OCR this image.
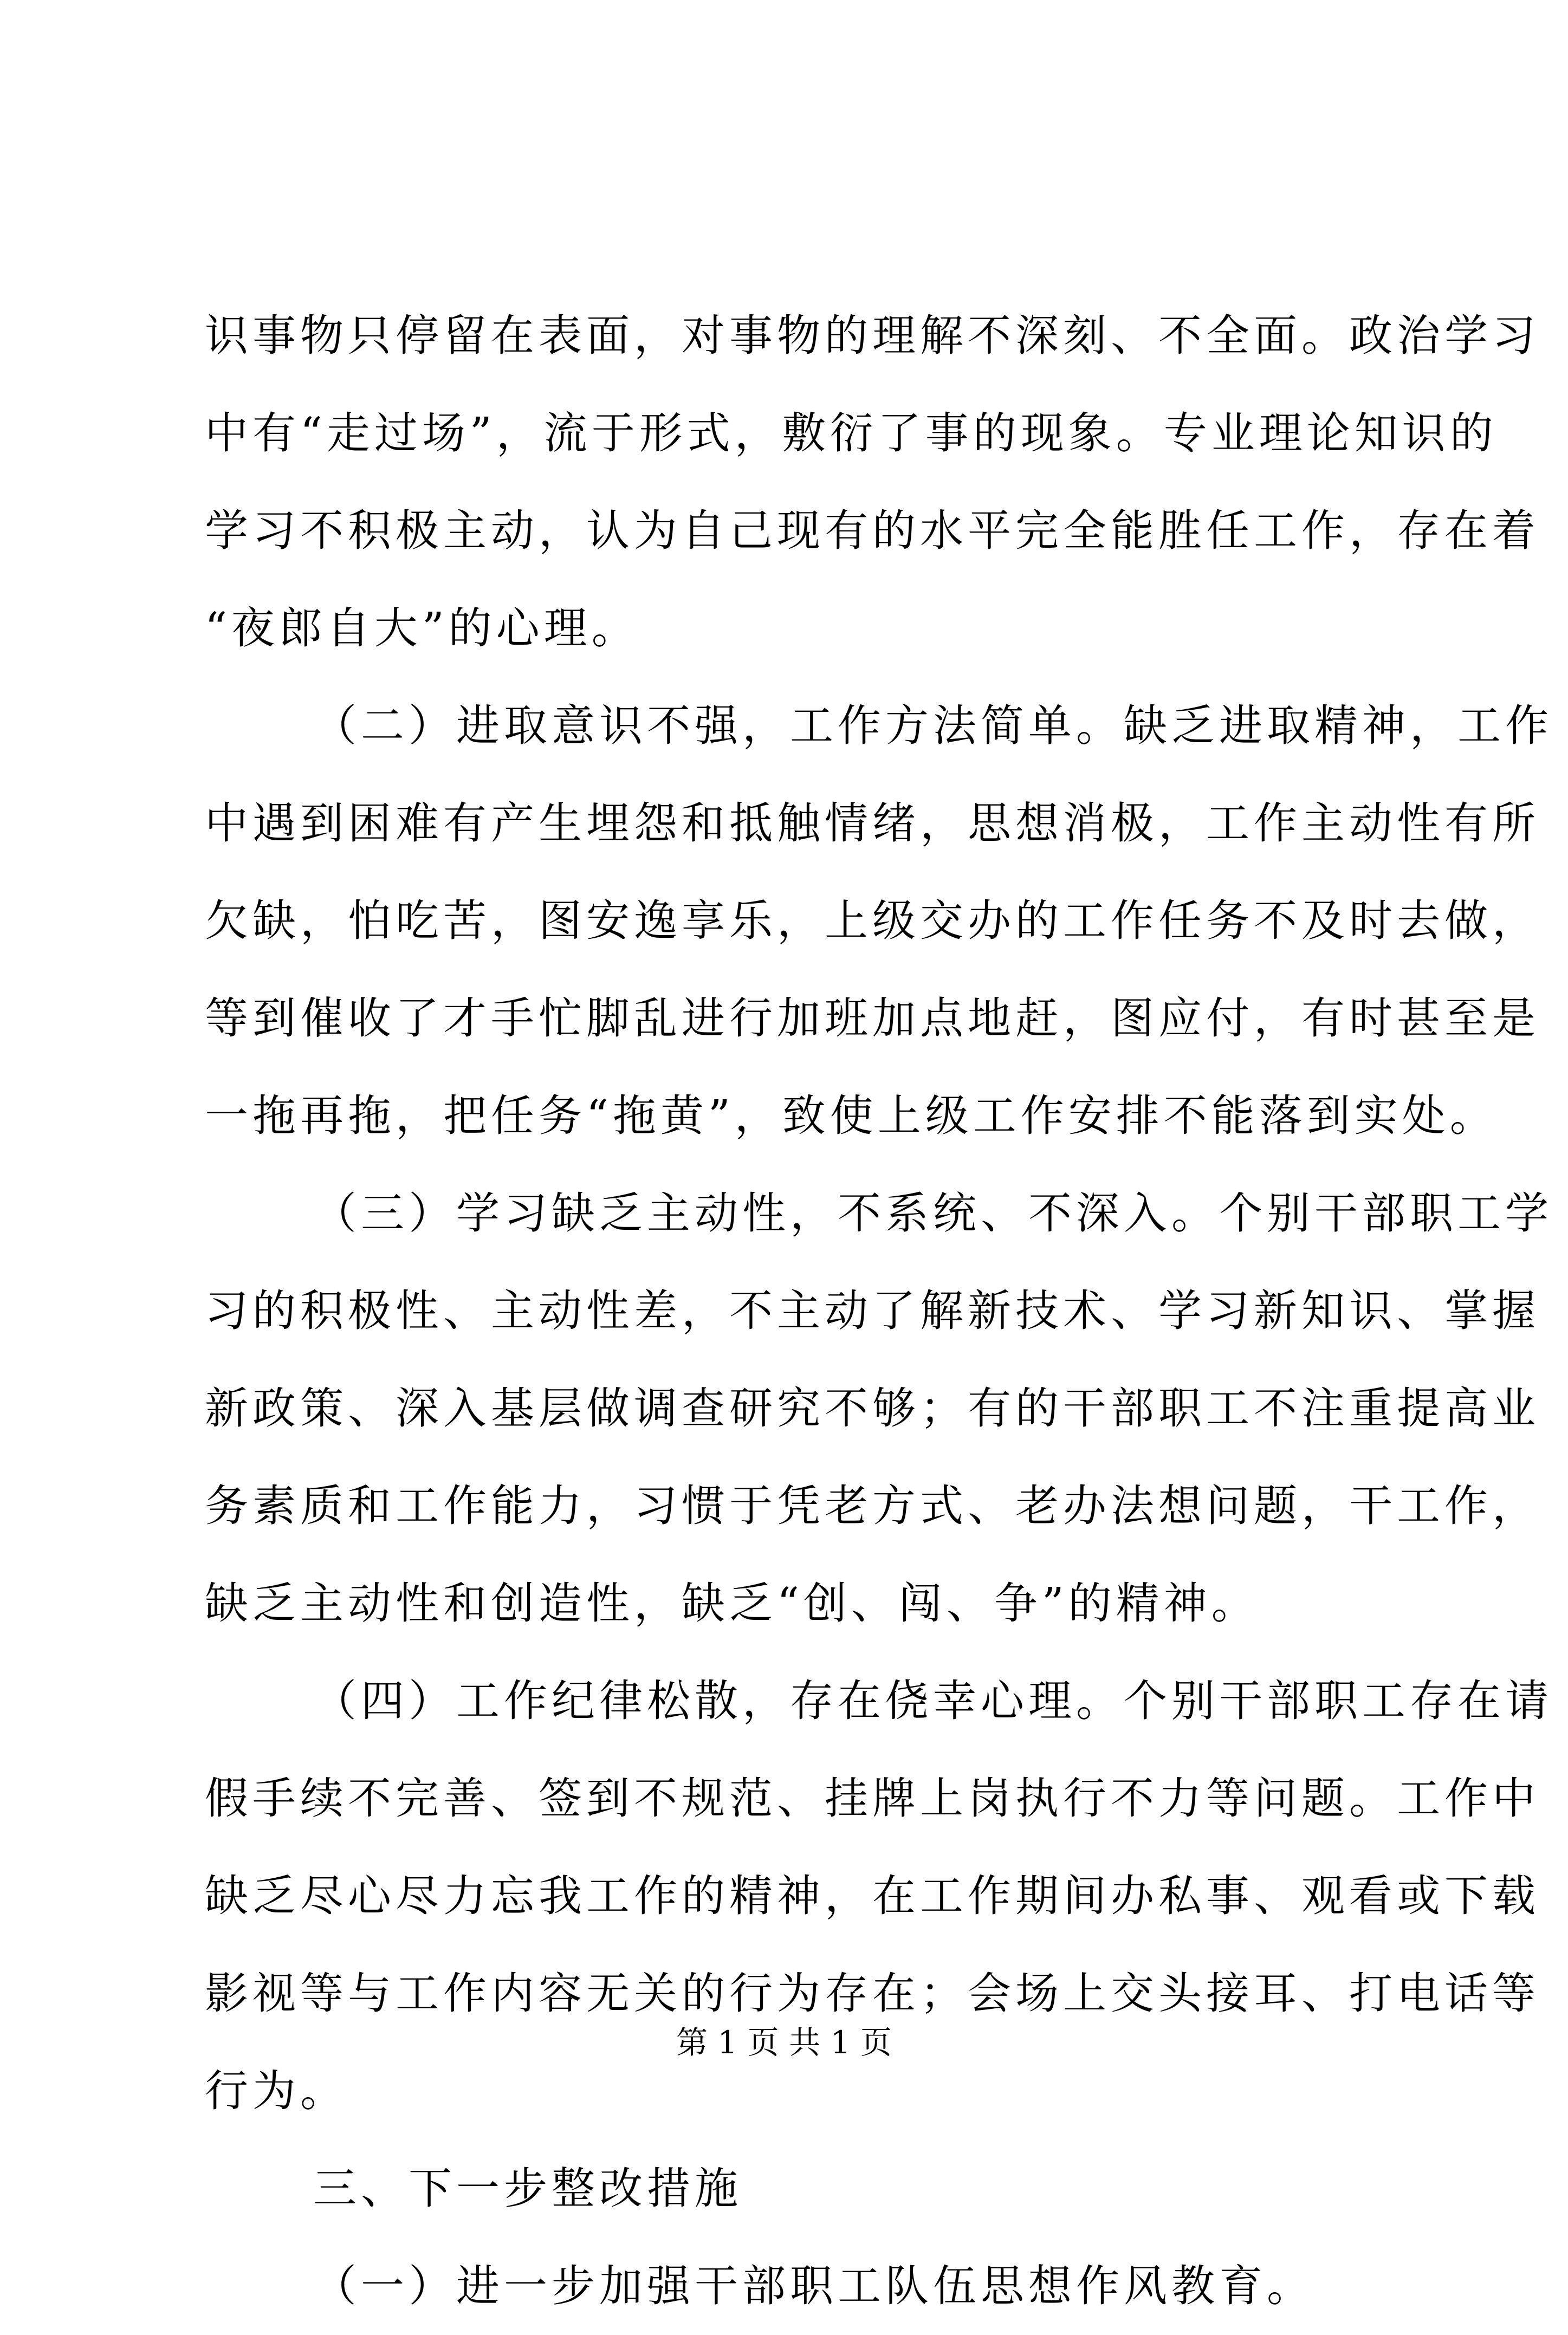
识事物只停留在表面，对事物的理解不深刻、不全面。政治学习
中有“走过场”，流于形式，敷衍了事的现象。专业理论知识的
学习不积极主动，认为自己现有的水平完全能胜任工作，存在着
“夜郎自大”的心理。
（二）进取意识不强，工作方法简单。缺乏进取精神，工作
中遇到困难有产生埋怨和抵触情绪，思想消极，工作主动性有所
欠缺，怕吃苦，图安逸享乐，上级交办的工作任务不及时去做，
等到催收了才手忙脚乱进行加班加点地赶，图应付，有时甚至是
一拖再拖，把任务“拖黄”，致使上级工作安排不能落到实处。
（三）学习缺乏主动性，不系统、不深入。个别干部职工学
习的积极性、主动性差，不主动了解新技术、学习新知识、掌握
新政策、深入基层做调查研究不够；有的干部职工不注重提高业
务素质和工作能力，习惯于凭老方式、老办法想问题，干工作，
缺乏主动性和创造性，缺乏“创、闯、争”的精神。
（四）工作纪律松散，存在侥幸心理。个别干部职工存在请
假手续不完善、签到不规范、挂牌上岗执行不力等问题。工作中
缺乏尽心尽力忘我工作的精神，在工作期间办私事、观看或下载
影视等与工作内容无关的行为存在；会场上交头接耳、打电话等
行为。
三、下一步整改措施
（一）进一步加强干部职工队伍思想作风教育。
第 1 页 共 1 页
